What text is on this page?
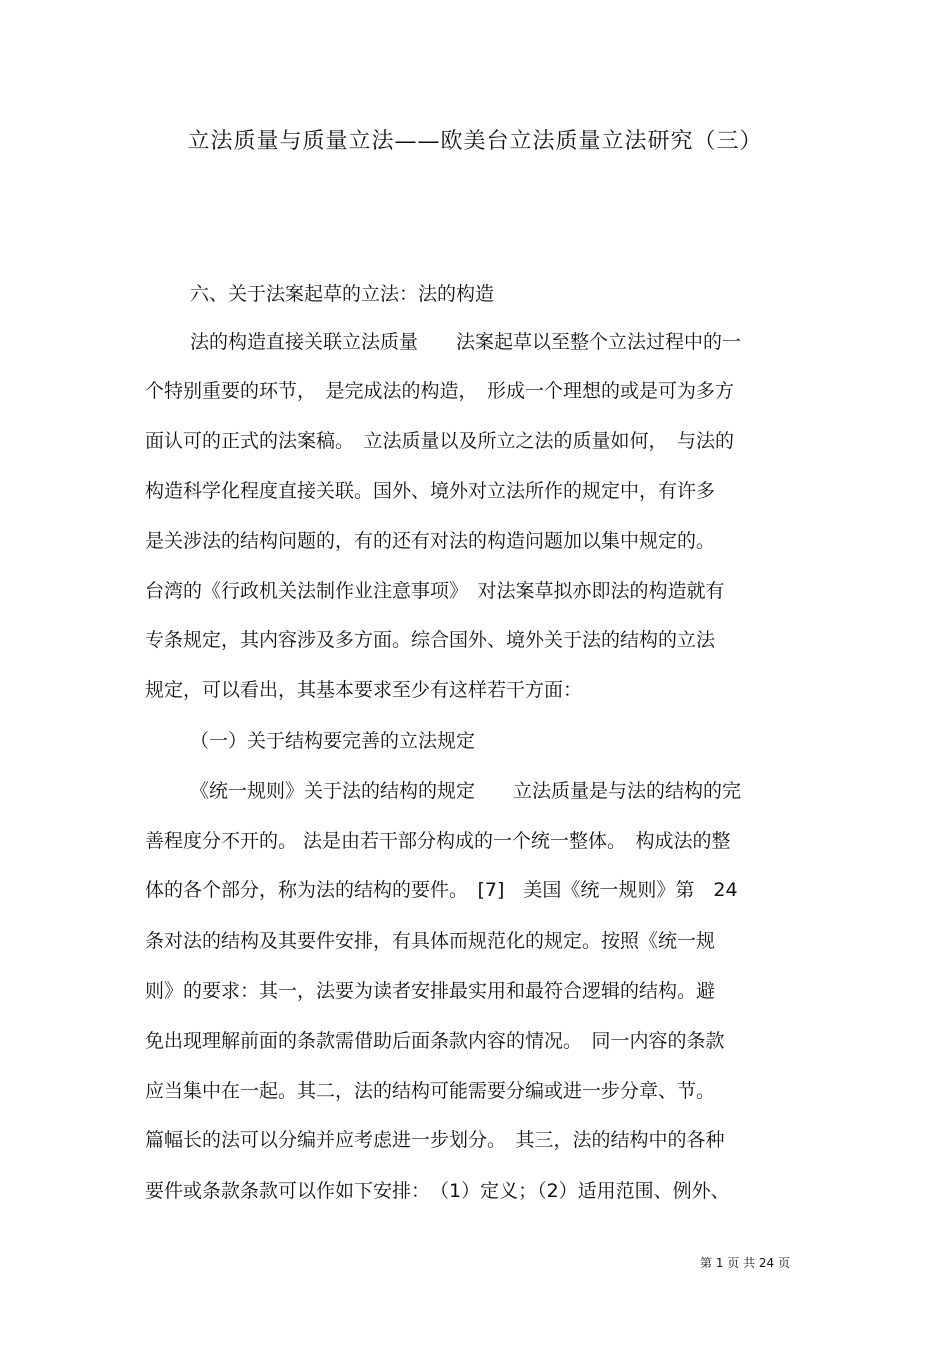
立法质量与质量立法——欧美台立法质量立法研究（三）
六、关于法案起草的立法：法的构造
法的构造直接关联立法质量　　法案起草以至整个立法过程中的一
个特别重要的环节，　是完成法的构造，　形成一个理想的或是可为多方
面认可的正式的法案稿。　立法质量以及所立之法的质量如何，　与法的
构造科学化程度直接关联。国外、境外对立法所作的规定中，有许多
是关涉法的结构问题的，有的还有对法的构造问题加以集中规定的。
台湾的《行政机关法制作业注意事项》　对法案草拟亦即法的构造就有
专条规定，其内容涉及多方面。综合国外、境外关于法的结构的立法
规定，可以看出，其基本要求至少有这样若干方面：
（一）关于结构要完善的立法规定
《统一规则》关于法的结构的规定　　立法质量是与法的结构的完
善程度分不开的。 法是由若干部分构成的一个统一整体。　构成法的整
体的各个部分，称为法的结构的要件。　[7]　美国《统一规则》第　24
条对法的结构及其要件安排，有具体而规范化的规定。按照《统一规
则》的要求：其一，法要为读者安排最实用和最符合逻辑的结构。避
免出现理解前面的条款需借助后面条款内容的情况。　同一内容的条款
应当集中在一起。其二，法的结构可能需要分编或进一步分章、节。
篇幅长的法可以分编并应考虑进一步划分。　其三，法的结构中的各种
要件或条款条款可以作如下安排：　（1）定义；（2）适用范围、例外、
第 1 页 共 24 页
